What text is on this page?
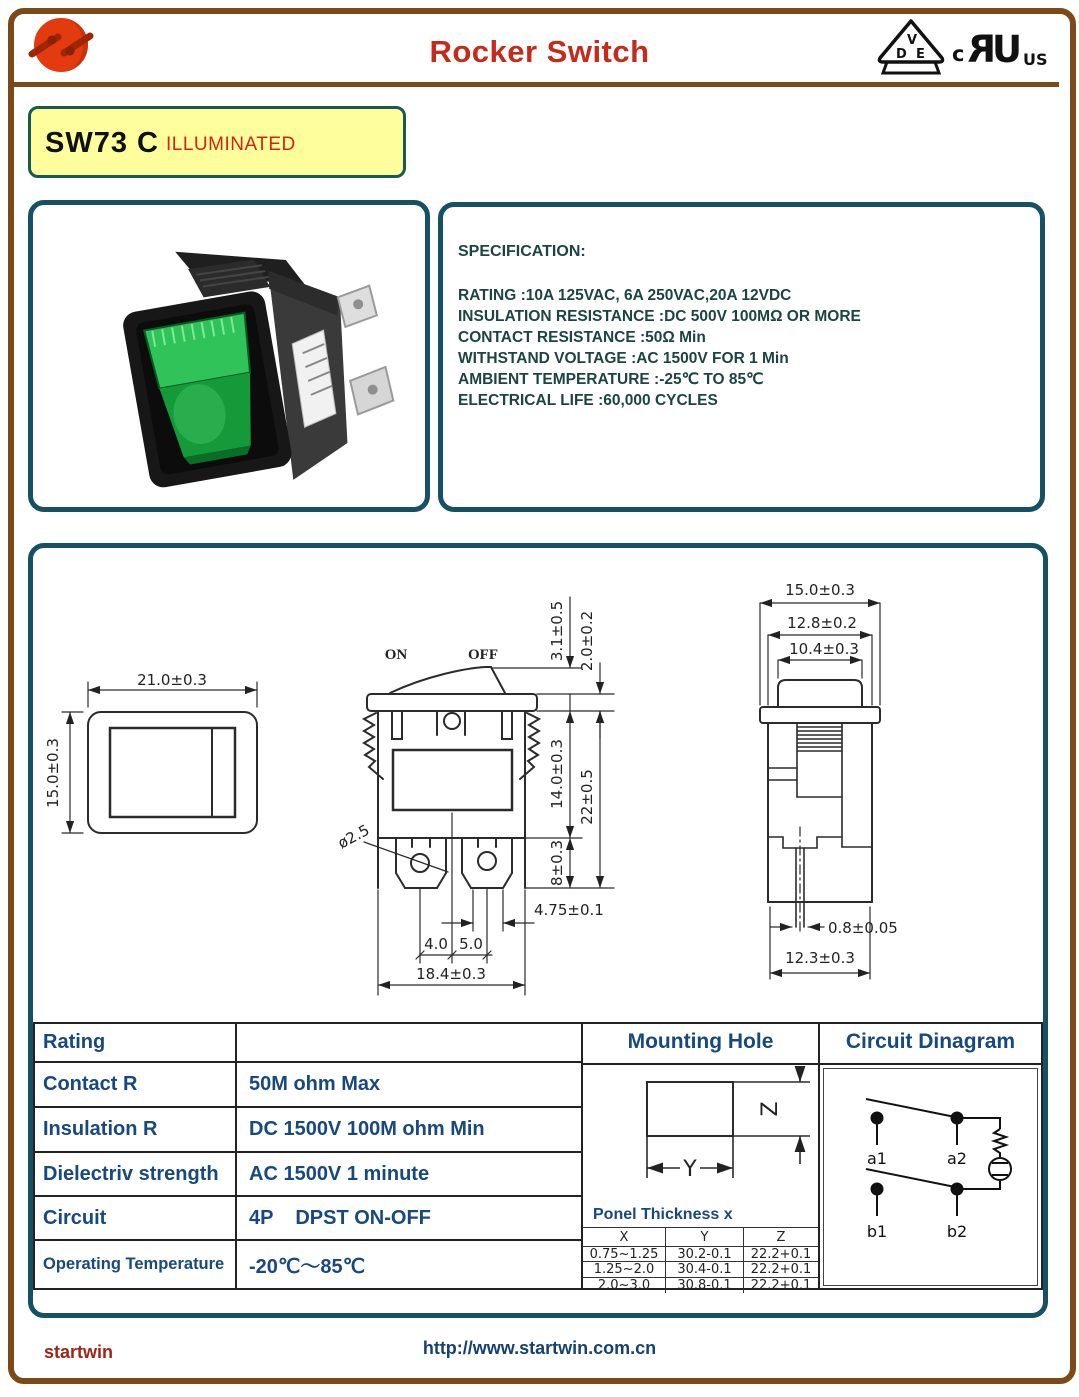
Rocker Switch	V
D E c R
U US
SW73 C ILLUMINATED
SPECIFICATION:
RATING :10A 125VAC, 6A 250VAC,20A 12VDC
INSULATION RESISTANCE :DC 500V 100MΩ OR MORE
CONTACT RESISTANCE :50Ω Min
WITHSTAND VOLTAGE :AC 1500V FOR 1 Min
AMBIENT TEMPERATURE :-25℃ TO 85℃
ELECTRICAL LIFE :60,000 CYCLES
21.0±0.3
15.0±0.3
ON	OFF	3.1±0.5 2.0±0.2
14.0±0.3 22±0.5
8±0.3
ø2.5
4.75±0.1
4.0 5.0
18.4±0.3
15.0±0.3
12.8±0.2
10.4±0.3
0.8±0.05
12.3±0.3
Rating
Contact R	50M ohm Max
Insulation R	DC 1500V 100M ohm Min
Dielectriv strength	AC 1500V 1 minute
Circuit	4P    DPST ON-OFF
Operating Temperature	-20℃～85℃
Mounting Hole
Y
Z
Ponel Thickness x
X	Y	Z
0.75~1.25	30.2-0.1	22.2+0.1
1.25~2.0	30.4-0.1	22.2+0.1
2.0~3.0	30.8-0.1	22.2+0.1
Circuit Dinagram
a1	a2
b1	b2
startwin	http://www.startwin.com.cn
